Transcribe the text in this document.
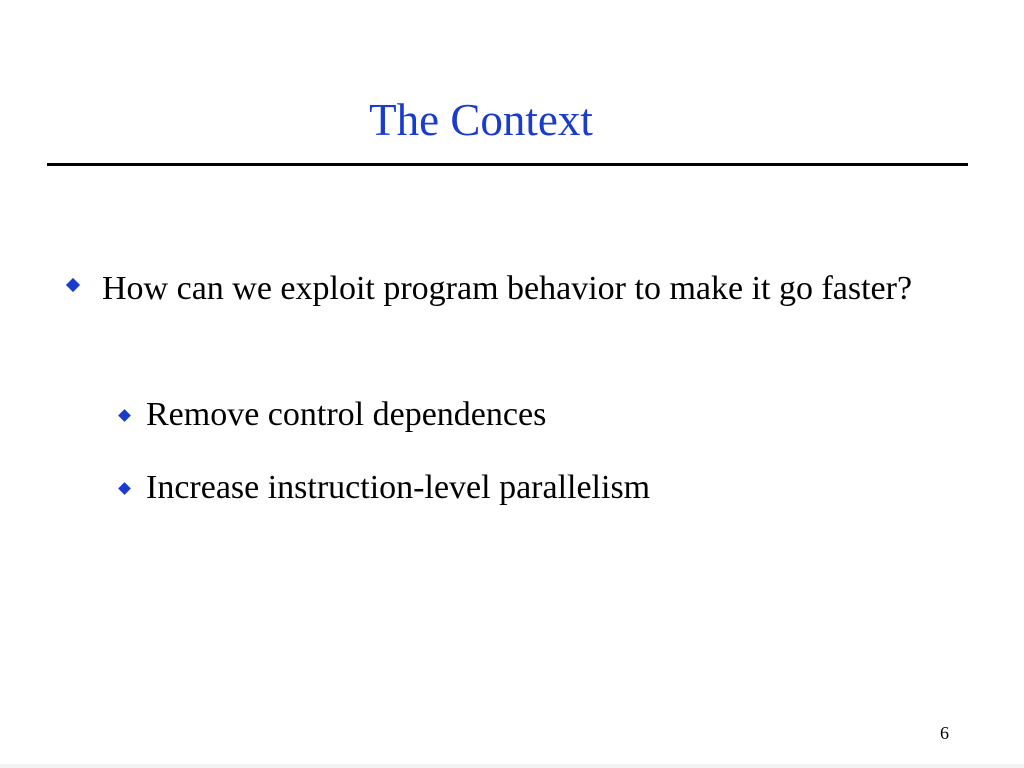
The Context
How can we exploit program behavior to make it go faster?
Remove control dependences
Increase instruction-level parallelism
6
